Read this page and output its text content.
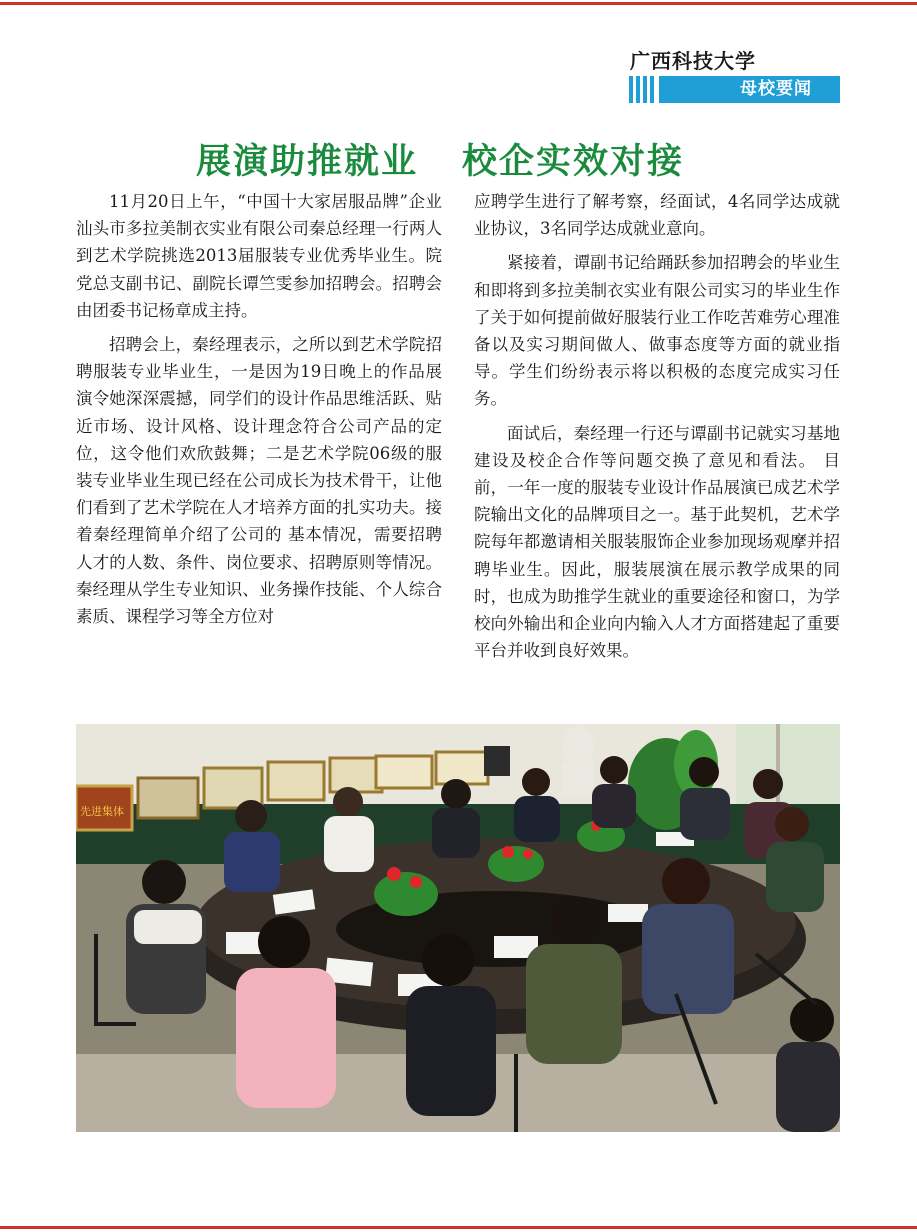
广西科技大学
母校要闻
展演助推就业 校企实效对接

11月20日上午，“中国十大家居服品牌”企业汕头市多拉美制衣实业有限公司秦总经理一行两人到艺术学院挑选2013届服装专业优秀毕业生。院党总支副书记、副院长谭竺雯参加招聘会。招聘会由团委书记杨章成主持。

招聘会上，秦经理表示，之所以到艺术学院招聘服装专业毕业生，一是因为19日晚上的作品展演令她深深震撼，同学们的设计作品思维活跃、贴近市场、设计风格、设计理念符合公司产品的定位，这令他们欢欣鼓舞；二是艺术学院06级的服装专业毕业生现已经在公司成长为技术骨干，让他们看到了艺术学院在人才培养方面的扎实功夫。接着秦经理简单介绍了公司的 基本情况，需要招聘人才的人数、条件、岗位要求、招聘原则等情况。秦经理从学生专业知识、业务操作技能、个人综合素质、课程学习等全方位对

应聘学生进行了解考察，经面试，4名同学达成就业协议，3名同学达成就业意向。

紧接着，谭副书记给踊跃参加招聘会的毕业生和即将到多拉美制衣实业有限公司实习的毕业生作了关于如何提前做好服装行业工作吃苦难劳心理准备以及实习期间做人、做事态度等方面的就业指导。学生们纷纷表示将以积极的态度完成实习任务。

面试后，秦经理一行还与谭副书记就实习基地建设及校企合作等问题交换了意见和看法。 目前，一年一度的服装专业设计作品展演已成艺术学院输出文化的品牌项目之一。基于此契机，艺术学院每年都邀请相关服装服饰企业参加现场观摩并招聘毕业生。因此，服装展演在展示教学成果的同时，也成为助推学生就业的重要途径和窗口，为学校向外输出和企业向内输入人才方面搭建起了重要平台并收到良好效果。

先进集体
